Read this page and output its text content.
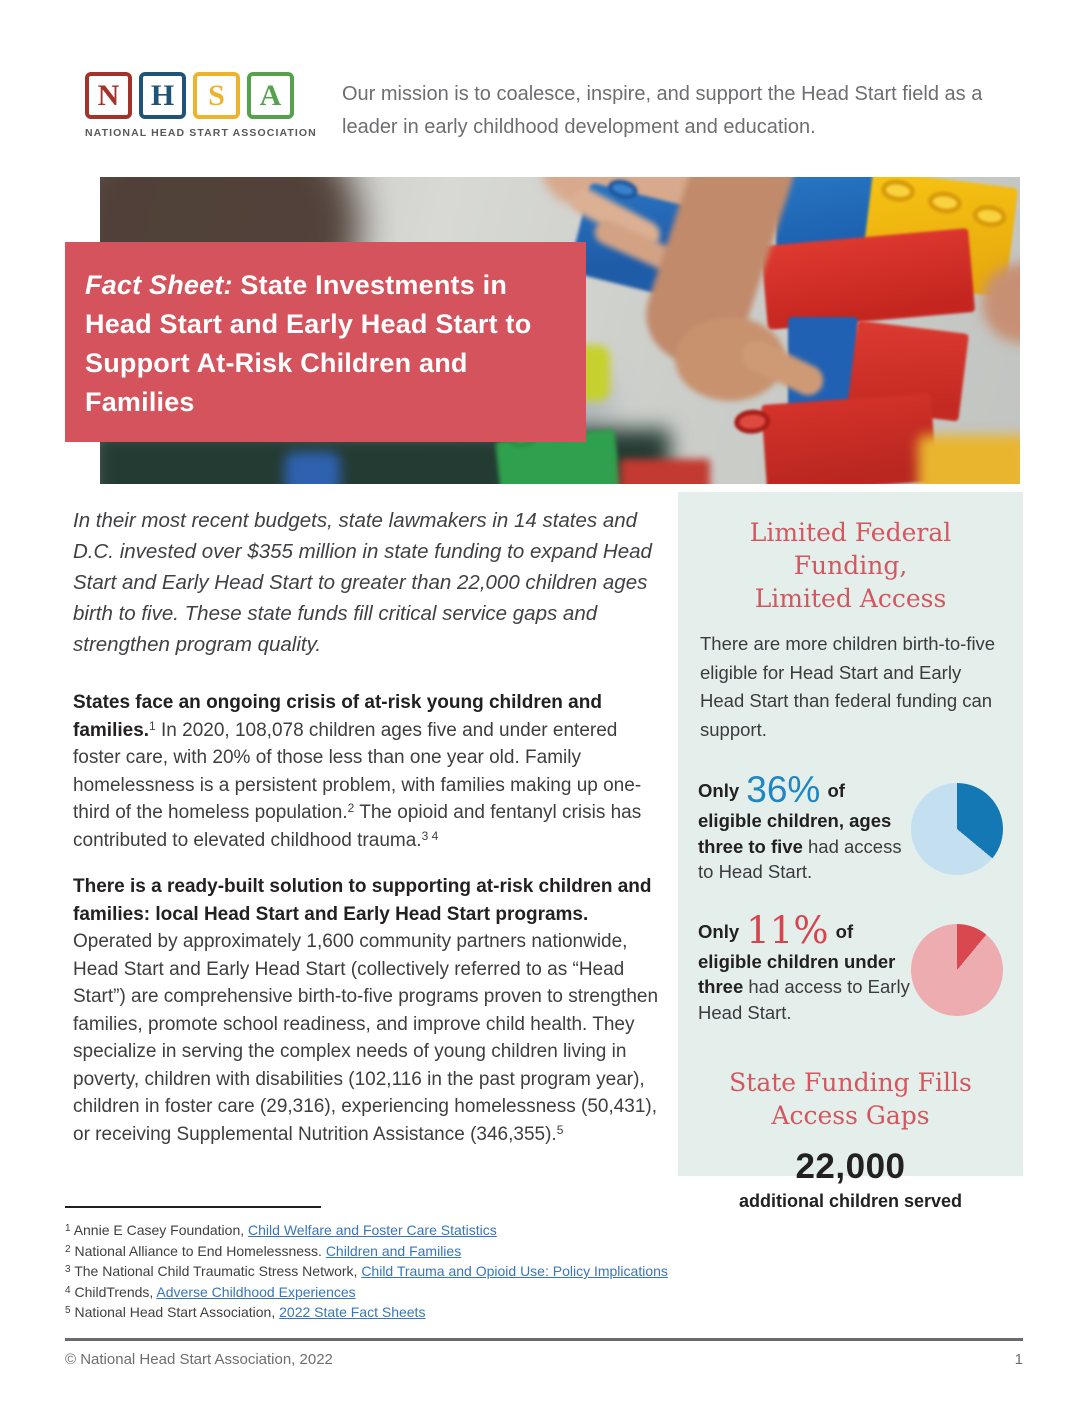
N	H	S	A
NATIONAL HEAD START ASSOCIATION
Our mission is to coalesce, inspire, and support the Head Start field as a leader in early childhood development and education.
Fact Sheet: State Investments in Head Start and Early Head Start to Support At-Risk Children and Families

In their most recent budgets, state lawmakers in 14 states and D.C. invested over $355 million in state funding to expand Head Start and Early Head Start to greater than 22,000 children ages birth to five. These state funds fill critical service gaps and strengthen program quality.

States face an ongoing crisis of at-risk young children and families.$^1$ In 2020, 108,078 children ages five and under entered foster care, with 20% of those less than one year old. Family homelessness is a persistent problem, with families making up one-third of the homeless population.$^2$ The opioid and fentanyl crisis has contributed to elevated childhood trauma.$^{3 4}$

There is a ready-built solution to supporting at-risk children and families: local Head Start and Early Head Start programs. Operated by approximately 1,600 community partners nationwide, Head Start and Early Head Start (collectively referred to as “Head Start”) are comprehensive birth-to-five programs proven to strengthen families, promote school readiness, and improve child health. They specialize in serving the complex needs of young children living in poverty, children with disabilities (102,116 in the past program year), children in foster care (29,316), experiencing homelessness (50,431), or receiving Supplemental Nutrition Assistance (346,355).$^5$

Limited Federal Funding,
Limited Access

There are more children birth-to-five eligible for Head Start and Early Head Start than federal funding can support.

Only 36% of eligible children, ages three to five had access to Head Start.
Only 11% of eligible children under three had access to Early Head Start.
State Funding Fills
Access Gaps
22,000
additional children served
$^1$ Annie E Casey Foundation, Child Welfare and Foster Care Statistics
$^2$ National Alliance to End Homelessness. Children and Families
$^3$ The National Child Traumatic Stress Network, Child Trauma and Opioid Use: Policy Implications
$^4$ ChildTrends, Adverse Childhood Experiences
$^5$ National Head Start Association, 2022 State Fact Sheets
© National Head Start Association, 2022	1
